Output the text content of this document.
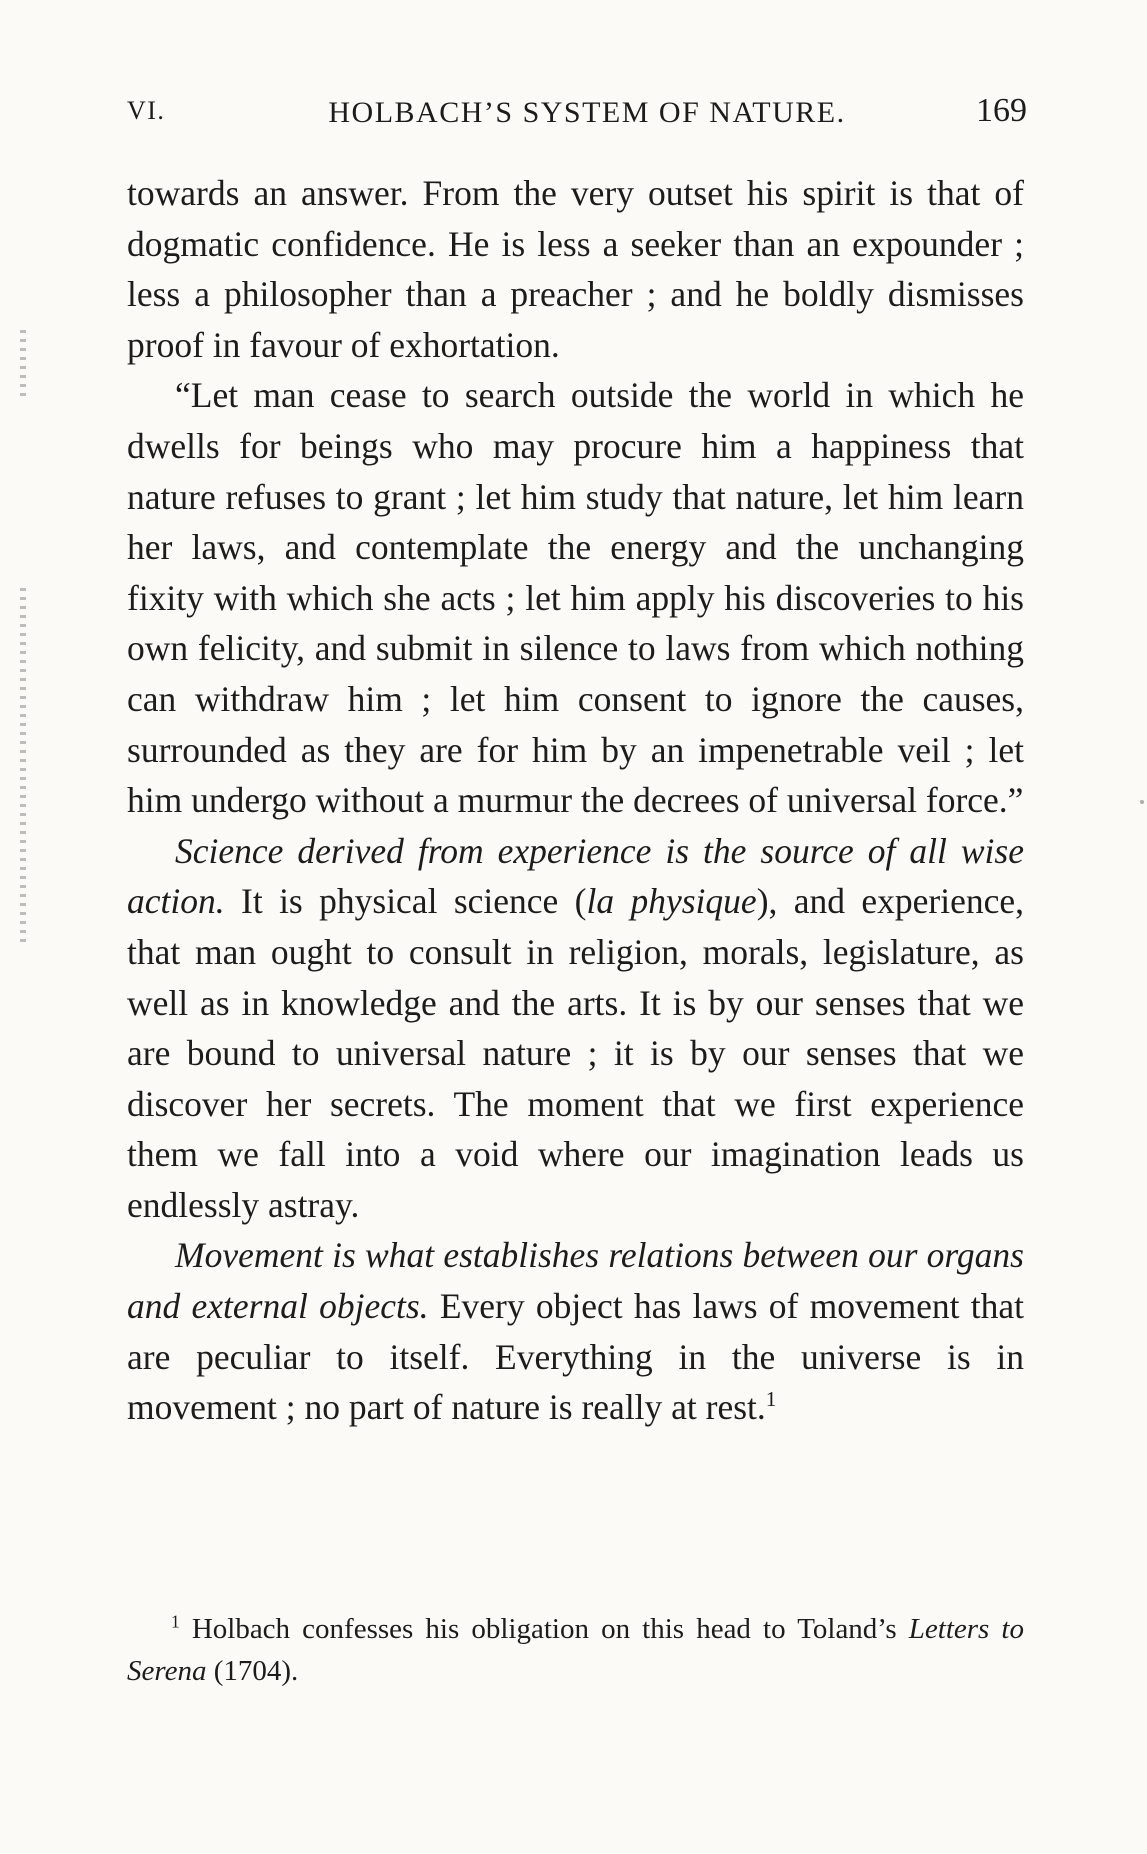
VI.	HOLBACH’S SYSTEM OF NATURE.	169

towards an answer. From the very outset his spirit is that of dogmatic confidence. He is less a seeker than an expounder ; less a philosopher than a preacher ; and he boldly dismisses proof in favour of exhortation.

“Let man cease to search outside the world in which he dwells for beings who may procure him a happiness that nature refuses to grant ; let him study that nature, let him learn her laws, and contemplate the energy and the unchanging fixity with which she acts ; let him apply his discoveries to his own felicity, and submit in silence to laws from which nothing can withdraw him ; let him consent to ignore the causes, surrounded as they are for him by an impenetrable veil ; let him undergo without a murmur the decrees of universal force.”

Science derived from experience is the source of all wise action. It is physical science (la physique), and experience, that man ought to consult in religion, morals, legislature, as well as in knowledge and the arts. It is by our senses that we are bound to universal nature ; it is by our senses that we discover her secrets. The moment that we first experience them we fall into a void where our imagination leads us endlessly astray.

Movement is what establishes relations between our organs and external objects. Every object has laws of movement that are peculiar to itself. Everything in the universe is in movement ; no part of nature is really at rest.$^1$

$^1$ Holbach confesses his obligation on this head to Toland’s Letters to Serena (1704).
